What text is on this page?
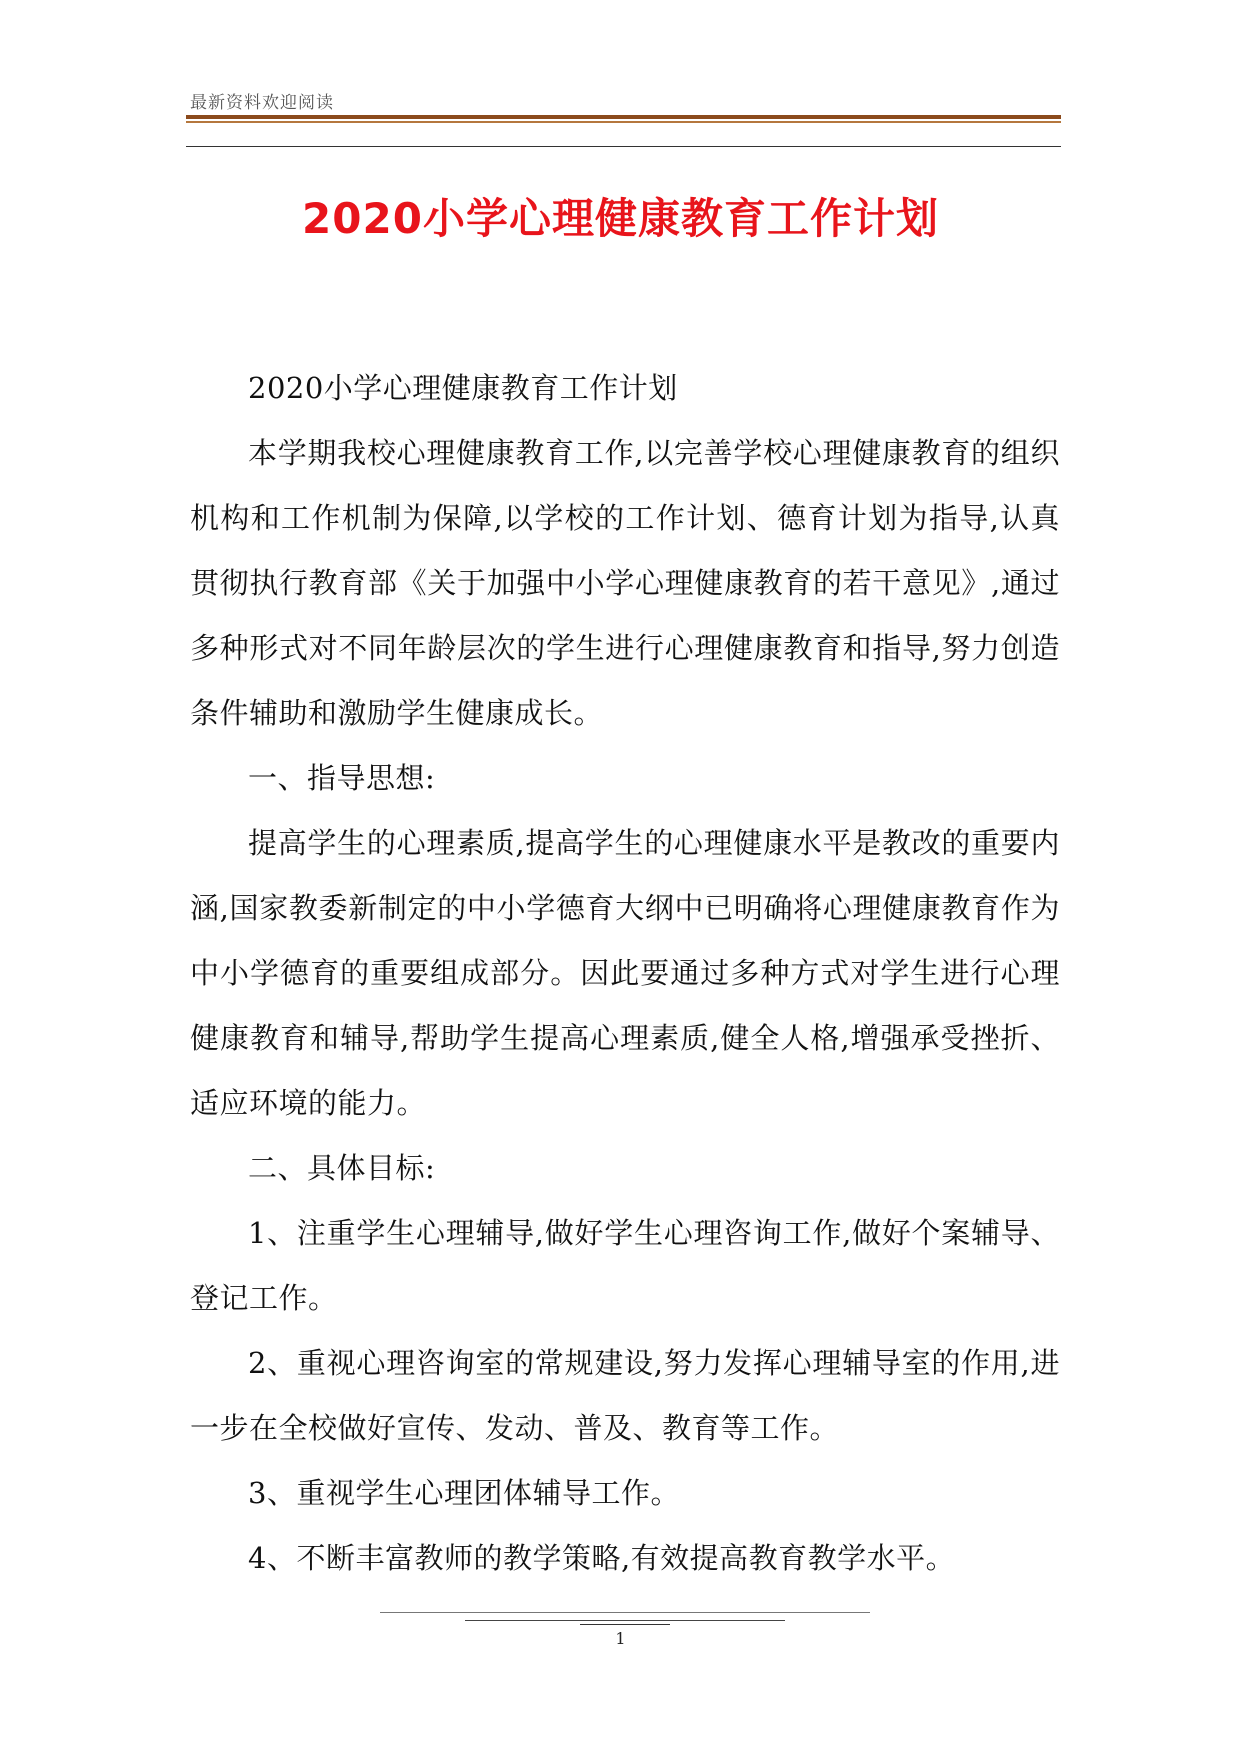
最新资料欢迎阅读
2020小学心理健康教育工作计划

2020小学心理健康教育工作计划

本学期我校心理健康教育工作,以完善学校心理健康教育的组织机构和工作机制为保障,以学校的工作计划、德育计划为指导,认真贯彻执行教育部《关于加强中小学心理健康教育的若干意见》,通过多种形式对不同年龄层次的学生进行心理健康教育和指导,努力创造条件辅助和激励学生健康成长。

一、指导思想:

提高学生的心理素质,提高学生的心理健康水平是教改的重要内涵,国家教委新制定的中小学德育大纲中已明确将心理健康教育作为中小学德育的重要组成部分。因此要通过多种方式对学生进行心理健康教育和辅导,帮助学生提高心理素质,健全人格,增强承受挫折、适应环境的能力。

二、具体目标:

1、注重学生心理辅导,做好学生心理咨询工作,做好个案辅导、登记工作。

2、重视心理咨询室的常规建设,努力发挥心理辅导室的作用,进一步在全校做好宣传、发动、普及、教育等工作。

3、重视学生心理团体辅导工作。

4、不断丰富教师的教学策略,有效提高教育教学水平。

1
